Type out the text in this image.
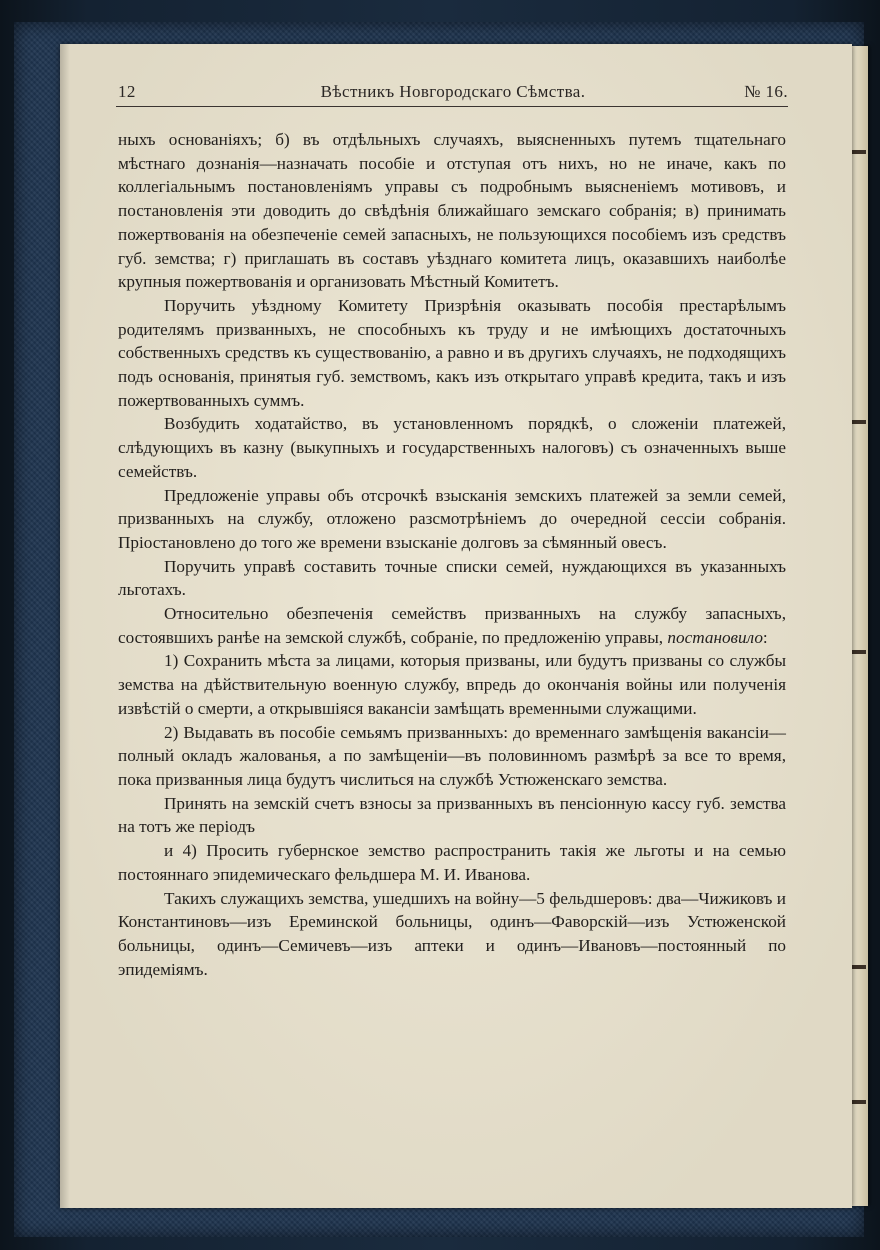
12	Вѣстникъ Новгородскаго Сѣмства.	№ 16.

ныхъ основаніяхъ; б) въ отдѣльныхъ случаяхъ, выясненныхъ путемъ тщательнаго мѣстнаго дознанія—назначать пособіе и отступая отъ нихъ, но не иначе, какъ по коллегіальнымъ постановленіямъ управы съ подробнымъ выясненіемъ мотивовъ, и постановленія эти доводить до свѣдѣнія ближайшаго земскаго собранія; в) принимать пожертвованія на обезпеченіе семей запасныхъ, не пользующихся пособіемъ изъ средствъ губ. земства; г) приглашать въ составъ уѣзднаго комитета лицъ, оказавшихъ наиболѣе крупныя пожертвованія и организовать Мѣстный Комитетъ.

Поручить уѣздному Комитету Призрѣнія оказывать пособія престарѣлымъ родителямъ призванныхъ, не способныхъ къ труду и не имѣющихъ достаточныхъ собственныхъ средствъ къ существованію, а равно и въ другихъ случаяхъ, не подходящихъ подъ основанія, принятыя губ. земствомъ, какъ изъ открытаго управѣ кредита, такъ и изъ пожертвованныхъ суммъ.

Возбудить ходатайство, въ установленномъ порядкѣ, о сложеніи платежей, слѣдующихъ въ казну (выкупныхъ и государственныхъ налоговъ) съ означенныхъ выше семействъ.

Предложеніе управы объ отсрочкѣ взысканія земскихъ платежей за земли семей, призванныхъ на службу, отложено разсмотрѣніемъ до очередной сессіи собранія. Пріостановлено до того же времени взысканіе долговъ за сѣмянный овесъ.

Поручить управѣ составить точные списки семей, нуждающихся въ указанныхъ льготахъ.

Относительно обезпеченія семействъ призванныхъ на службу запасныхъ, состоявшихъ ранѣе на земской службѣ, собраніе, по предложенію управы, постановило:

1) Сохранить мѣста за лицами, которыя призваны, или будутъ призваны со службы земства на дѣйствительную военную службу, впредь до окончанія войны или полученія извѣстій о смерти, а открывшіяся вакансіи замѣщать временными служащими.

2) Выдавать въ пособіе семьямъ призванныхъ: до временнаго замѣщенія вакансіи—полный окладъ жалованья, а по замѣщеніи—въ половинномъ размѣрѣ за все то время, пока призванныя лица будутъ числиться на службѣ Устюженскаго земства.

Принять на земскій счетъ взносы за призванныхъ въ пенсіонную кассу губ. земства на тотъ же періодъ

и 4) Просить губернское земство распространить такія же льготы и на семью постояннаго эпидемическаго фельдшера М. И. Иванова.

Такихъ служащихъ земства, ушедшихъ на войну—5 фельдшеровъ: два—Чижиковъ и Константиновъ—изъ Ереминской больницы, одинъ—Фаворскій—изъ Устюженской больницы, одинъ—Семичевъ—изъ аптеки и одинъ—Ивановъ—постоянный по эпидеміямъ.
